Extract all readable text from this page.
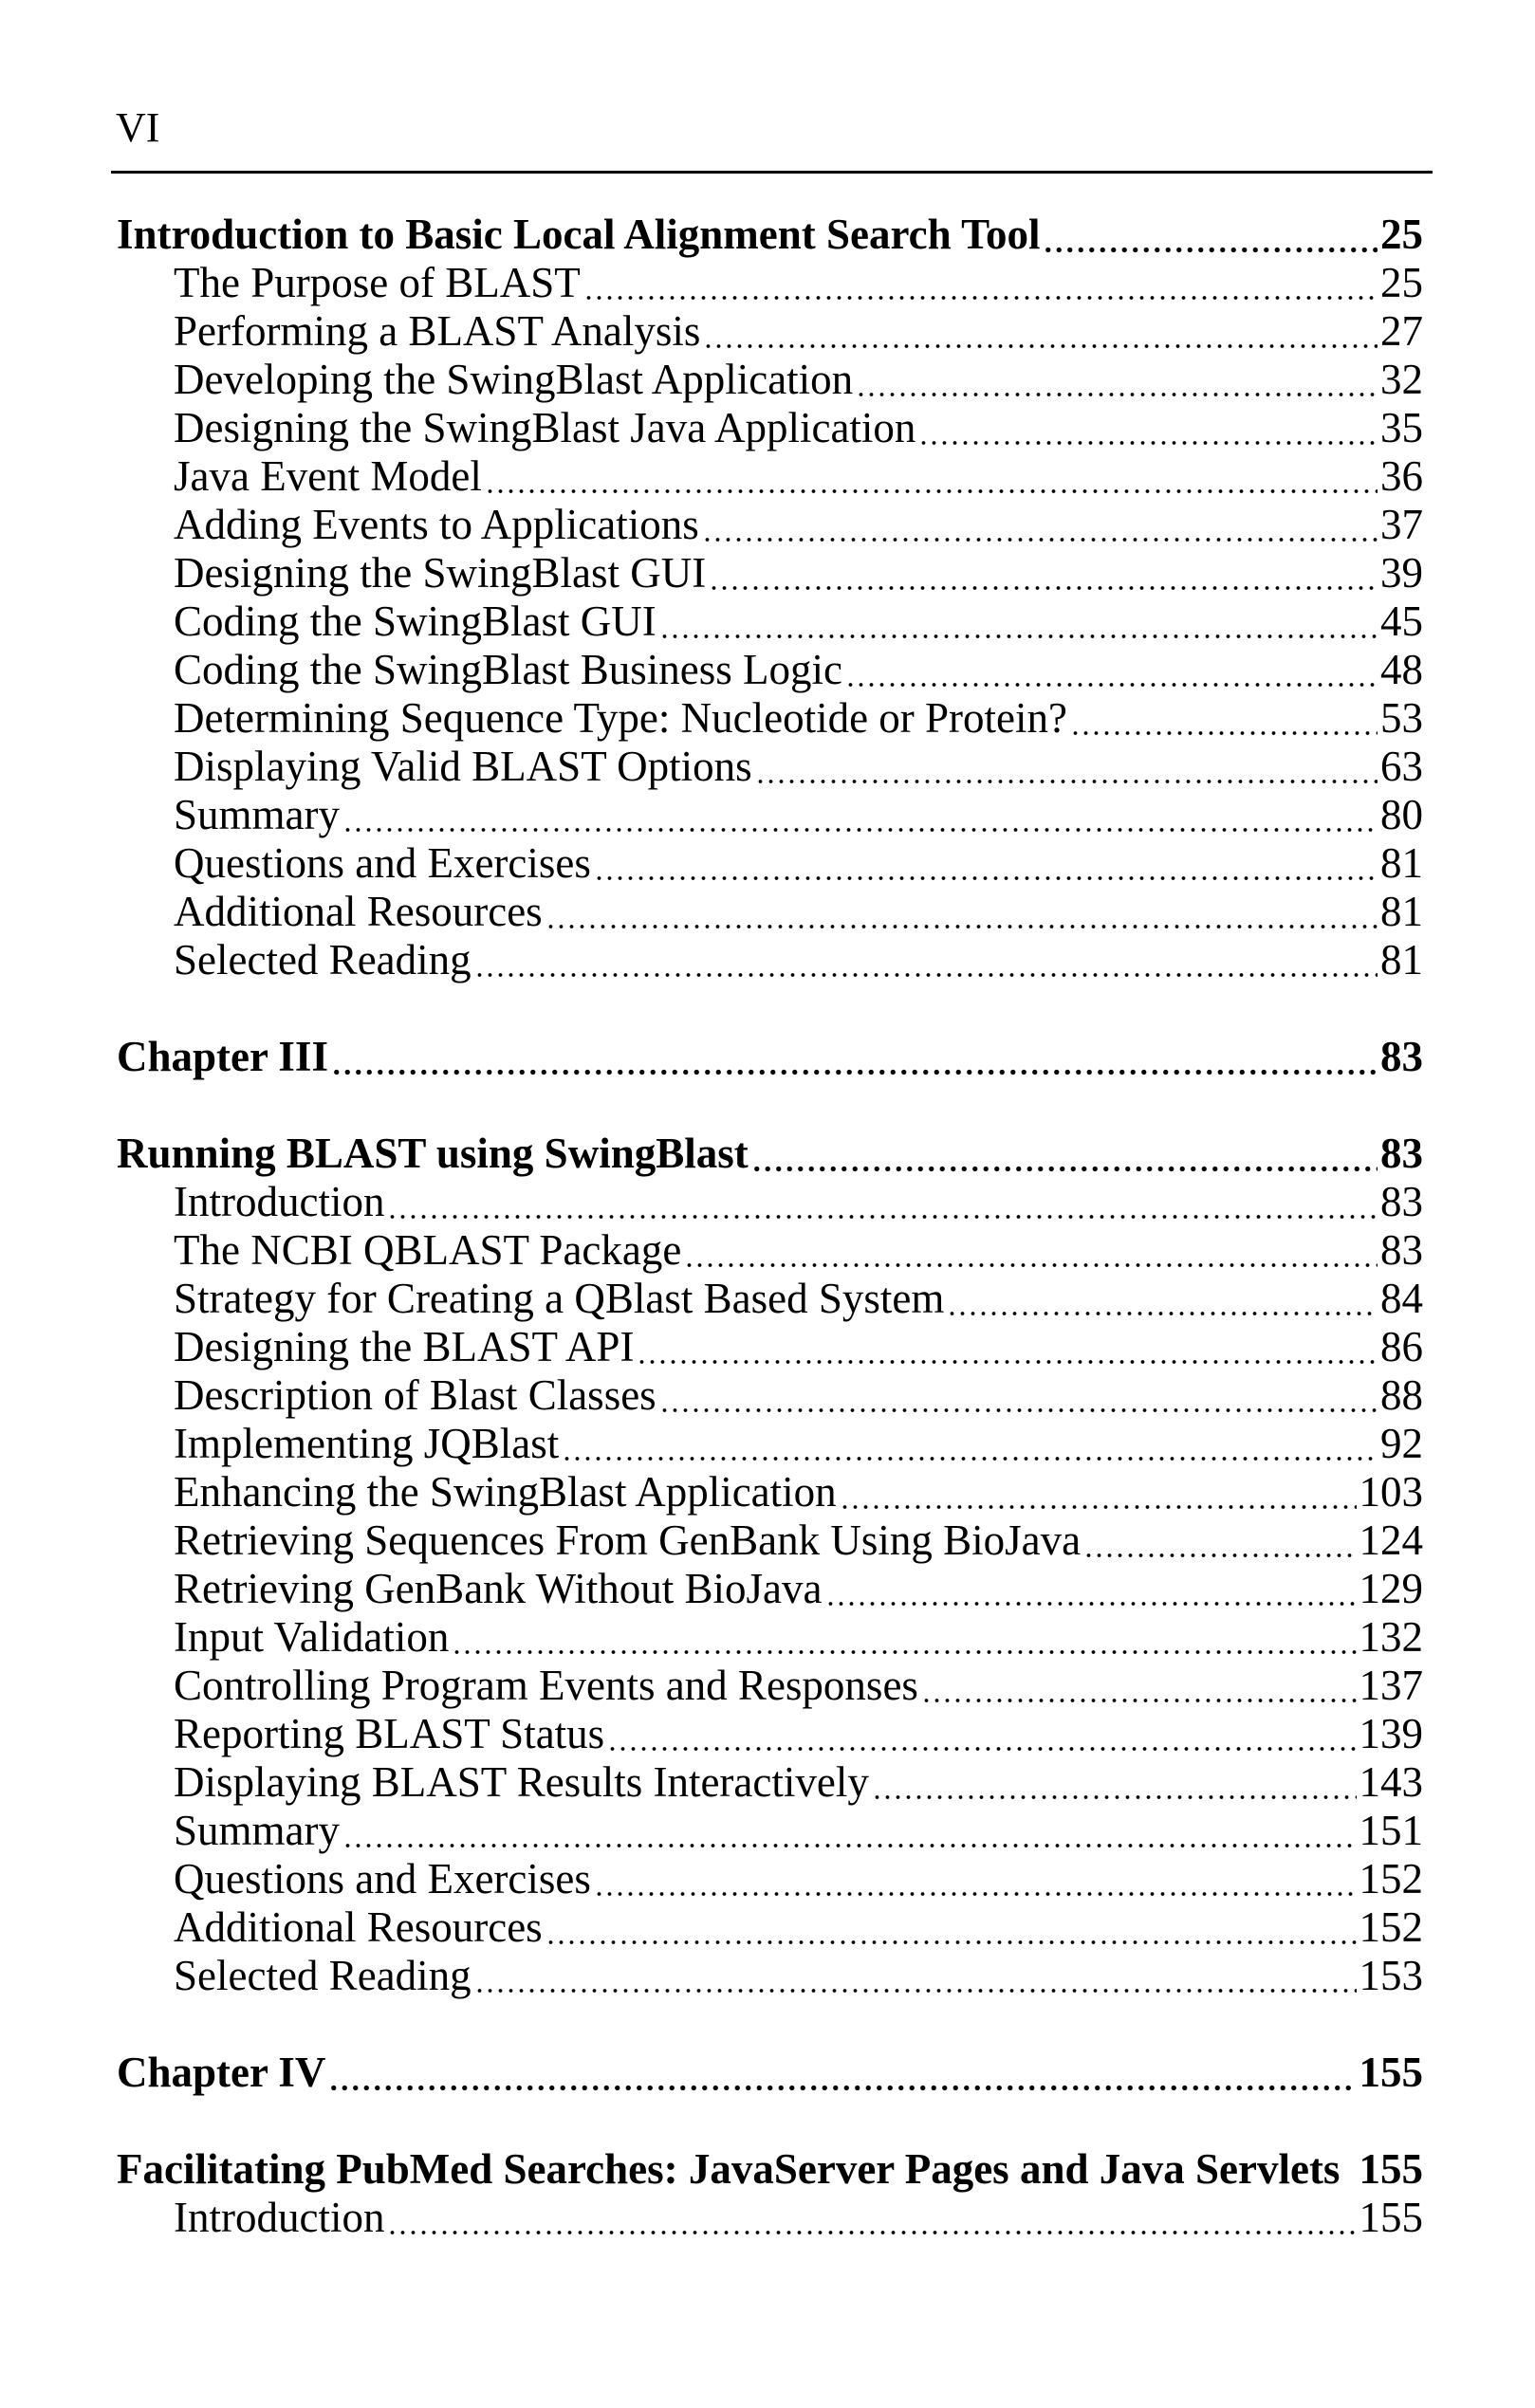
VI
Introduction to Basic Local Alignment Search Tool	25
The Purpose of BLAST	25
Performing a BLAST Analysis	27
Developing the SwingBlast Application	32
Designing the SwingBlast Java Application	35
Java Event Model	36
Adding Events to Applications	37
Designing the SwingBlast GUI	39
Coding the SwingBlast GUI	45
Coding the SwingBlast Business Logic	48
Determining Sequence Type: Nucleotide or Protein?	53
Displaying Valid BLAST Options	63
Summary	80
Questions and Exercises	81
Additional Resources	81
Selected Reading	81
Chapter III	83
Running BLAST using SwingBlast	83
Introduction	83
The NCBI QBLAST Package	83
Strategy for Creating a QBlast Based System	84
Designing the BLAST API	86
Description of Blast Classes	88
Implementing JQBlast	92
Enhancing the SwingBlast Application	103
Retrieving Sequences From GenBank Using BioJava	124
Retrieving GenBank Without BioJava	129
Input Validation	132
Controlling Program Events and Responses	137
Reporting BLAST Status	139
Displaying BLAST Results Interactively	143
Summary	151
Questions and Exercises	152
Additional Resources	152
Selected Reading	153
Chapter IV	155
Facilitating PubMed Searches: JavaServer Pages and Java Servlets 155
Introduction	155
